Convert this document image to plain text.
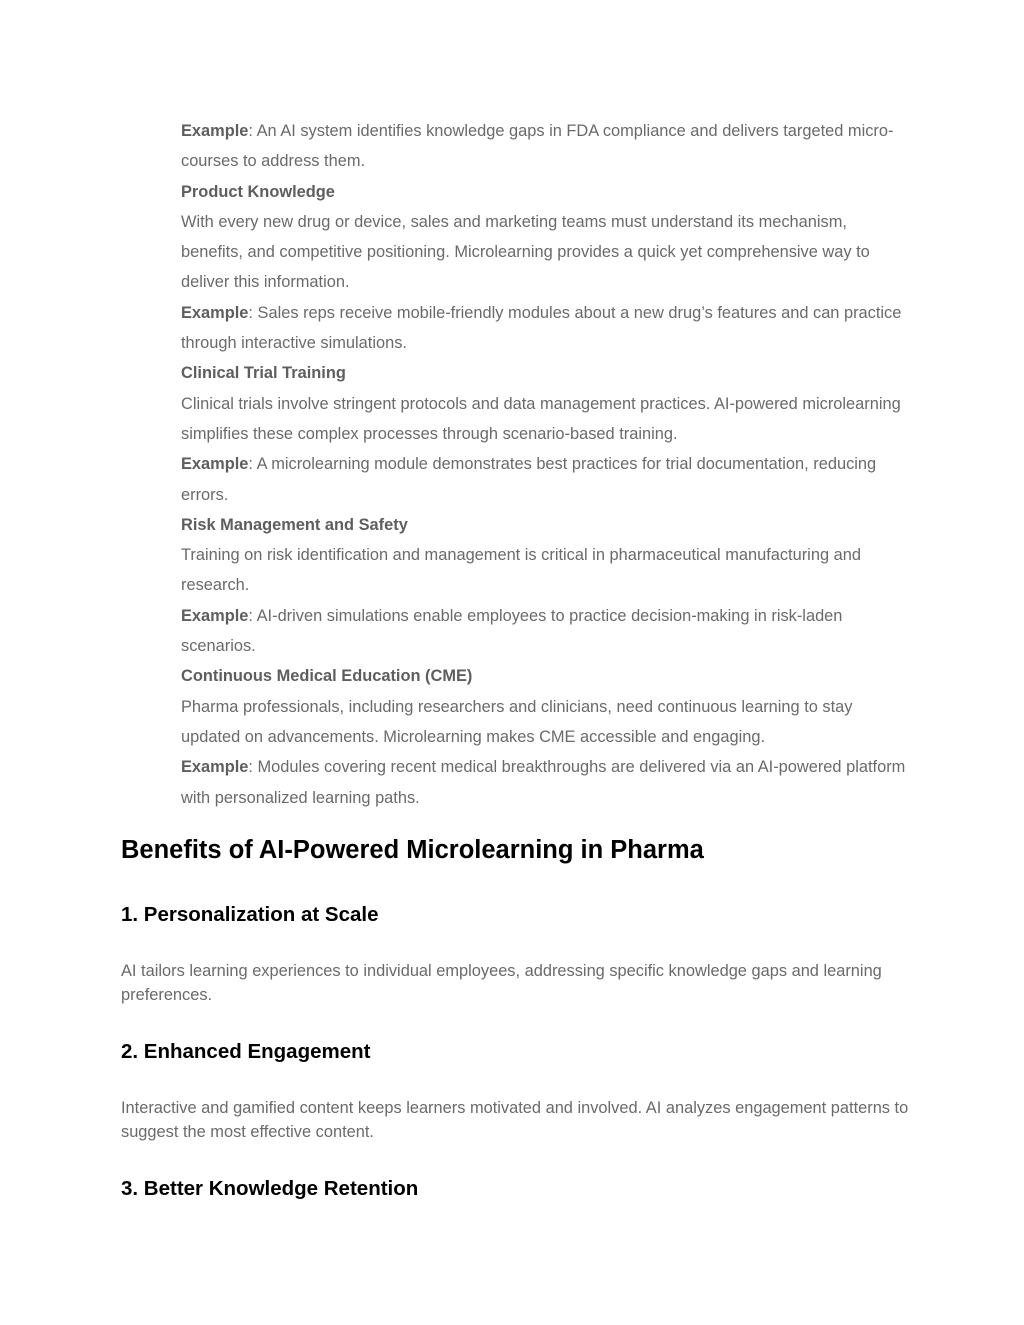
Example: An AI system identifies knowledge gaps in FDA compliance and delivers targeted micro-courses to address them.

Product Knowledge

With every new drug or device, sales and marketing teams must understand its mechanism, benefits, and competitive positioning. Microlearning provides a quick yet comprehensive way to deliver this information.

Example: Sales reps receive mobile-friendly modules about a new drug’s features and can practice through interactive simulations.

Clinical Trial Training

Clinical trials involve stringent protocols and data management practices. AI-powered microlearning simplifies these complex processes through scenario-based training.

Example: A microlearning module demonstrates best practices for trial documentation, reducing errors.

Risk Management and Safety

Training on risk identification and management is critical in pharmaceutical manufacturing and research.

Example: AI-driven simulations enable employees to practice decision-making in risk-laden scenarios.

Continuous Medical Education (CME)

Pharma professionals, including researchers and clinicians, need continuous learning to stay updated on advancements. Microlearning makes CME accessible and engaging.

Example: Modules covering recent medical breakthroughs are delivered via an AI-powered platform with personalized learning paths.

Benefits of AI-Powered Microlearning in Pharma
1. Personalization at Scale

AI tailors learning experiences to individual employees, addressing specific knowledge gaps and learning preferences.

2. Enhanced Engagement

Interactive and gamified content keeps learners motivated and involved. AI analyzes engagement patterns to suggest the most effective content.

3. Better Knowledge Retention
